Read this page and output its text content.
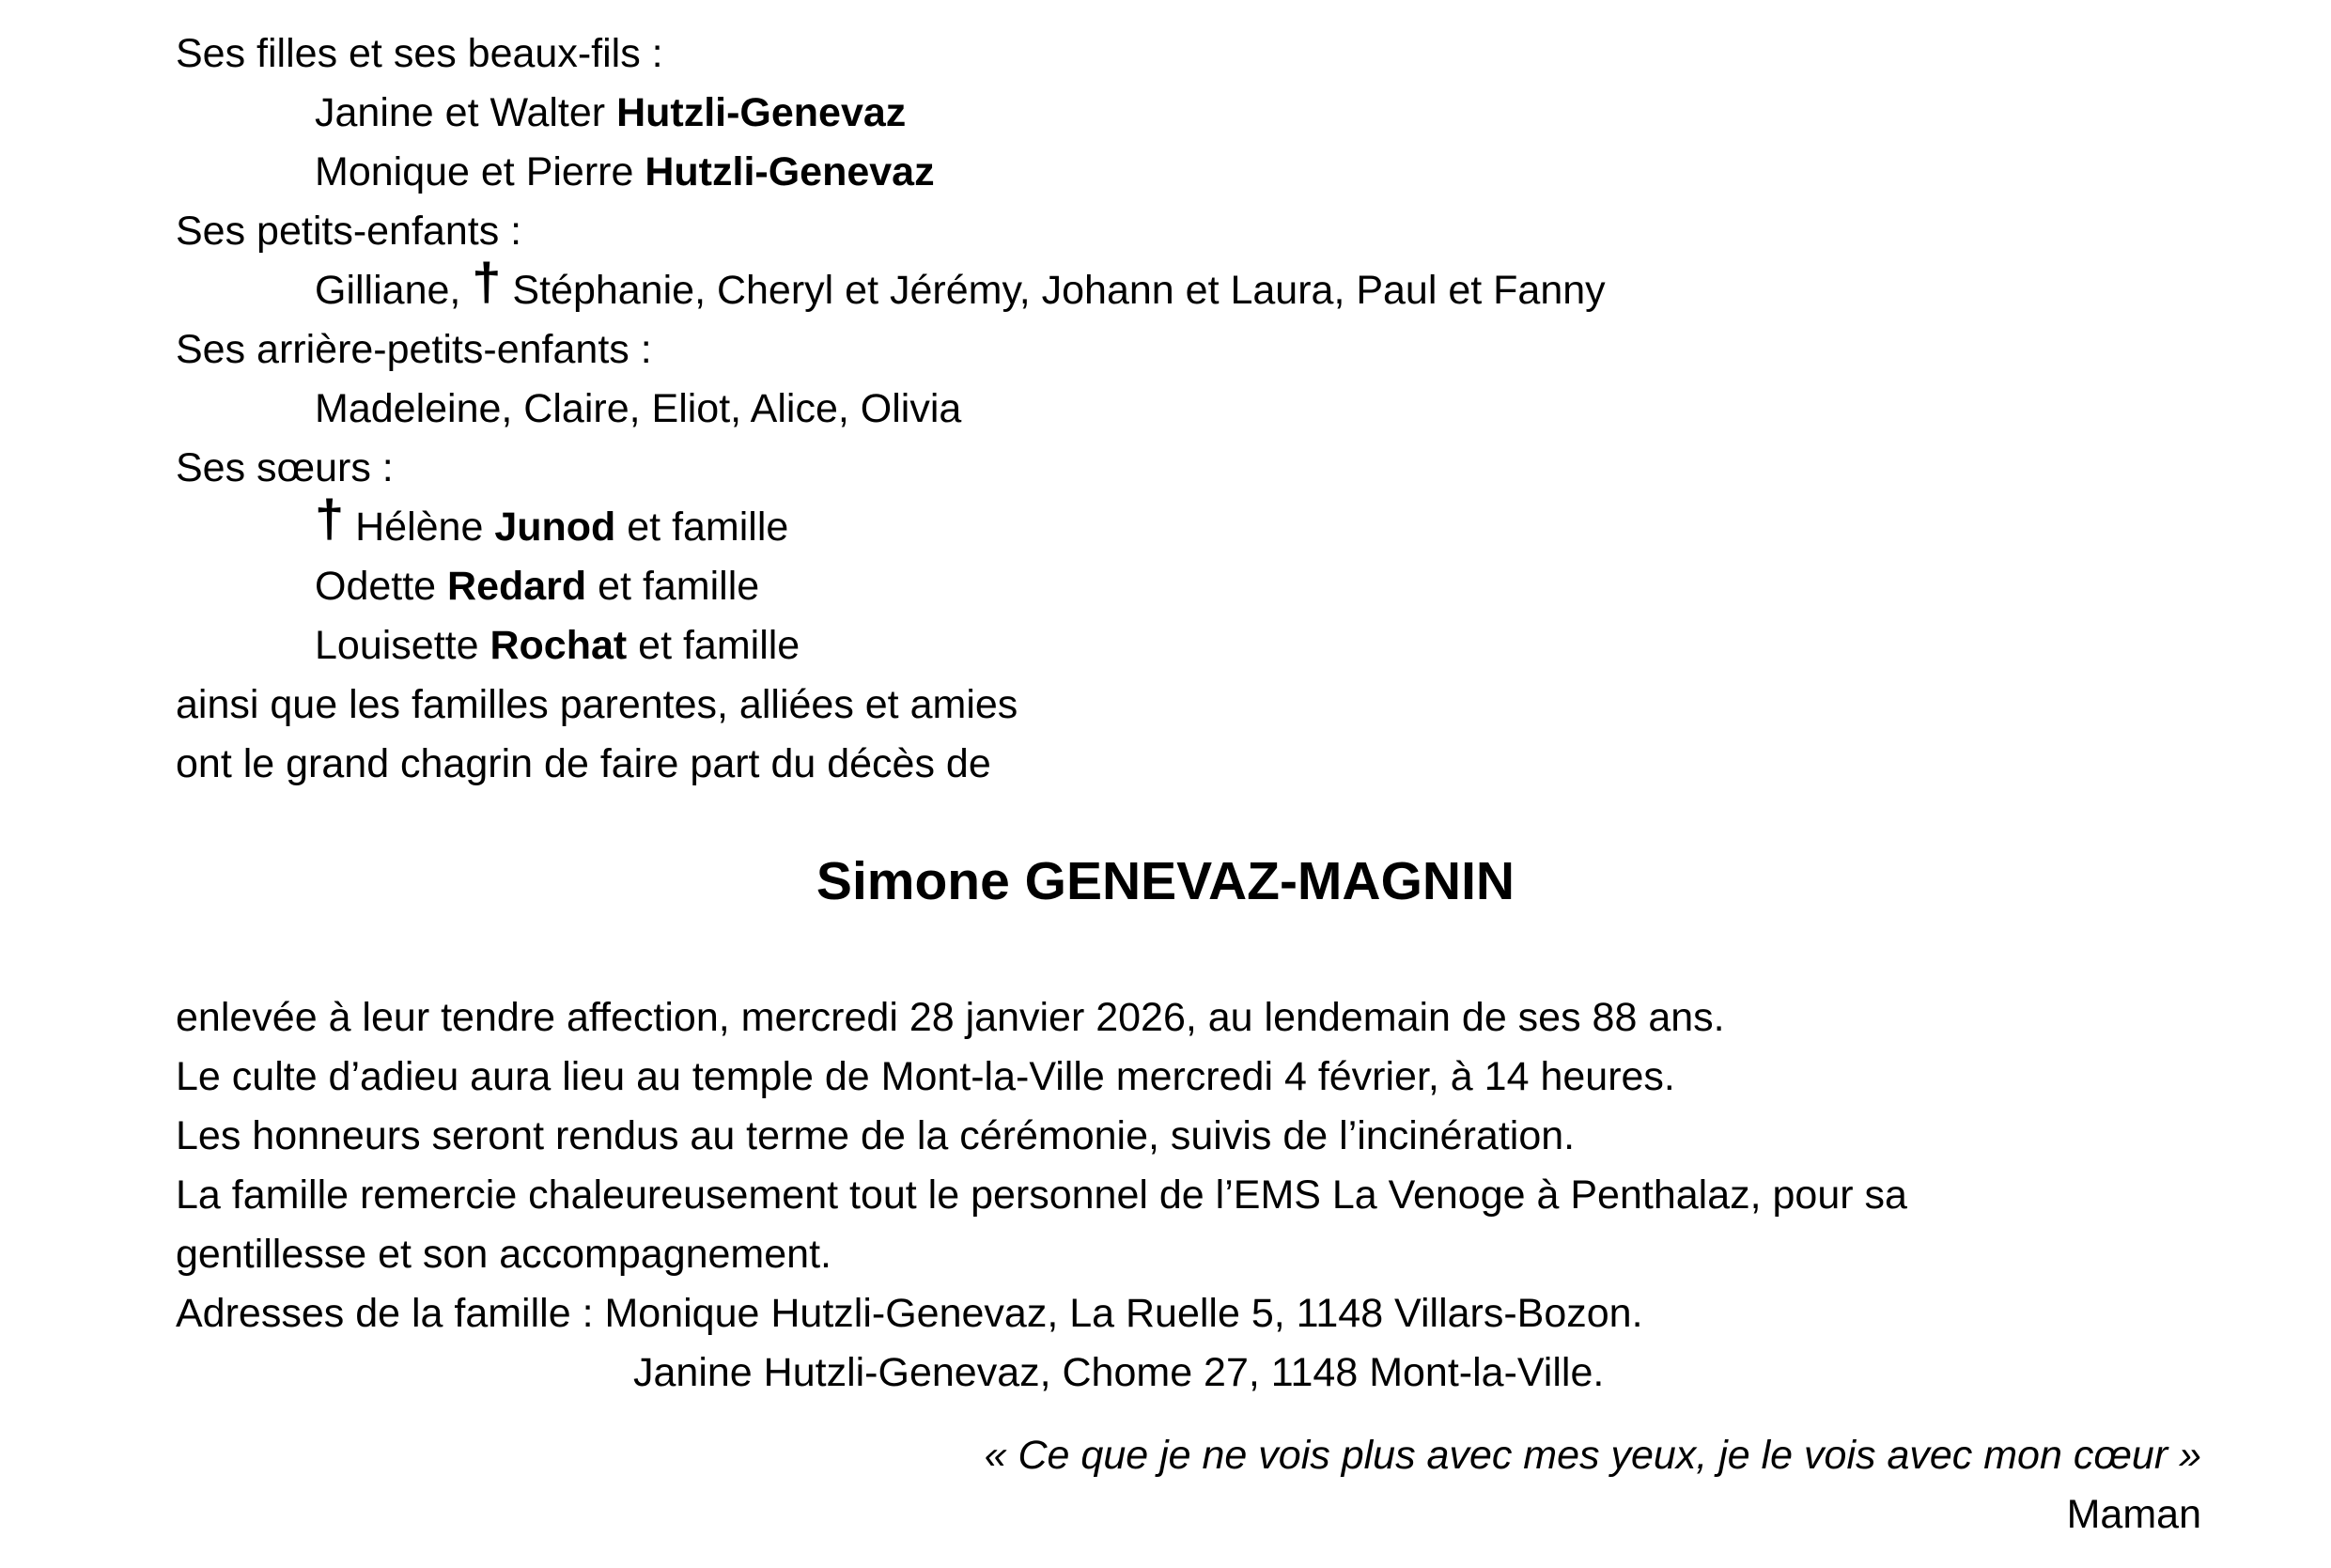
Ses filles et ses beaux-fils :
Janine et Walter Hutzli-Genevaz
Monique et Pierre Hutzli-Genevaz
Ses petits-enfants :
Gilliane, † Stéphanie, Cheryl et Jérémy, Johann et Laura, Paul et Fanny
Ses arrière-petits-enfants :
Madeleine, Claire, Eliot, Alice, Olivia
Ses sœurs :
† Hélène Junod et famille
Odette Redard et famille
Louisette Rochat et famille
ainsi que les familles parentes, alliées et amies
ont le grand chagrin de faire part du décès de
Simone GENEVAZ-MAGNIN
enlevée à leur tendre affection, mercredi 28 janvier 2026, au lendemain de ses 88 ans.
Le culte d’adieu aura lieu au temple de Mont-la-Ville mercredi 4 février, à 14 heures.
Les honneurs seront rendus au terme de la cérémonie, suivis de l’incinération.
La famille remercie chaleureusement tout le personnel de l’EMS La Venoge à Penthalaz, pour sa
gentillesse et son accompagnement.
Adresses de la famille : Monique Hutzli-Genevaz, La Ruelle 5, 1148 Villars-Bozon.
Janine Hutzli-Genevaz, Chome 27, 1148 Mont-la-Ville.
« Ce que je ne vois plus avec mes yeux, je le vois avec mon cœur »
Maman
